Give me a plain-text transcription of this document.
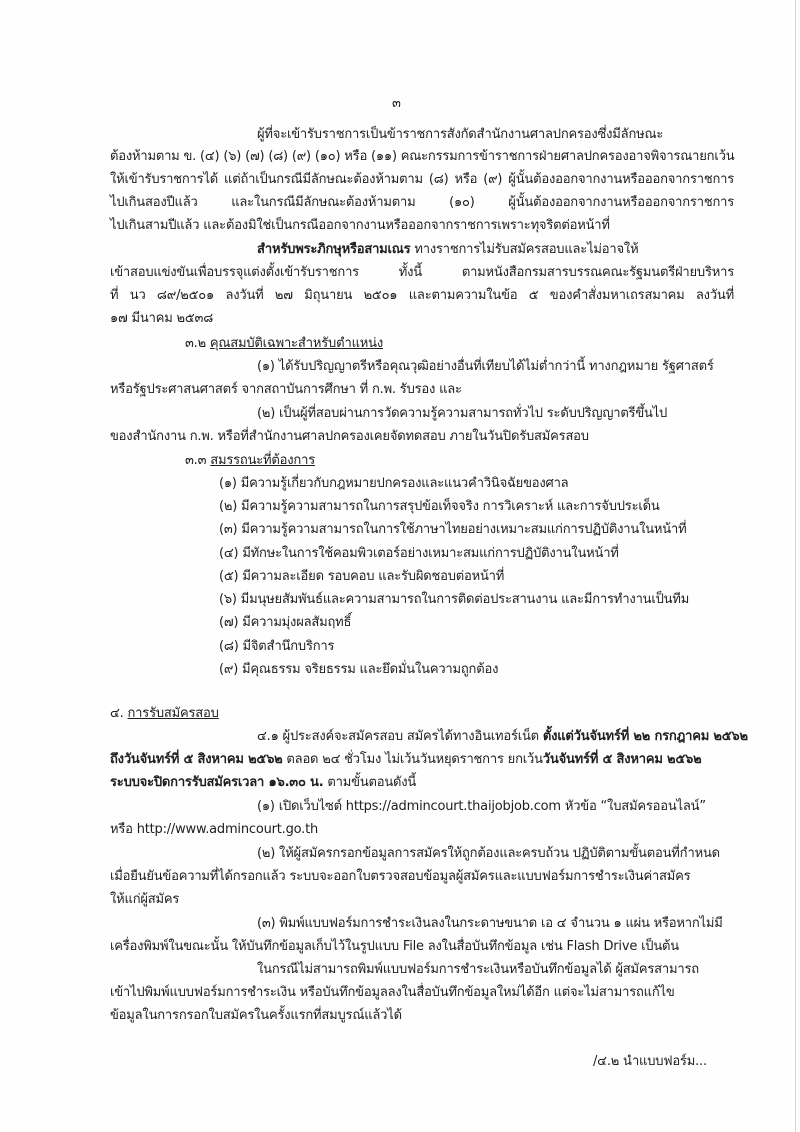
๓
ผู้ที่จะเข้ารับราชการเป็นข้าราชการสังกัดสำนักงานศาลปกครองซึ่งมีลักษณะ
ต้องห้ามตาม ข. (๔) (๖) (๗) (๘) (๙) (๑๐) หรือ (๑๑) คณะกรรมการข้าราชการฝ่ายศาลปกครองอาจพิจารณายกเว้น
ให้เข้ารับราชการได้ แต่ถ้าเป็นกรณีมีลักษณะต้องห้ามตาม (๘) หรือ (๙) ผู้นั้นต้องออกจากงานหรือออกจากราชการ
ไปเกินสองปีแล้ว และในกรณีมีลักษณะต้องห้ามตาม (๑๐) ผู้นั้นต้องออกจากงานหรือออกจากราชการ
ไปเกินสามปีแล้ว และต้องมิใช่เป็นกรณีออกจากงานหรือออกจากราชการเพราะทุจริตต่อหน้าที่
สำหรับพระภิกษุหรือสามเณร ทางราชการไม่รับสมัครสอบและไม่อาจให้
เข้าสอบแข่งขันเพื่อบรรจุแต่งตั้งเข้ารับราชการ ทั้งนี้ ตามหนังสือกรมสารบรรณคณะรัฐมนตรีฝ่ายบริหาร
ที่ นว ๘๙/๒๕๐๑ ลงวันที่ ๒๗ มิถุนายน ๒๕๐๑ และตามความในข้อ ๕ ของคำสั่งมหาเถรสมาคม ลงวันที่
๑๗ มีนาคม ๒๕๓๘
๓.๒ คุณสมบัติเฉพาะสำหรับตำแหน่ง
(๑) ได้รับปริญญาตรีหรือคุณวุฒิอย่างอื่นที่เทียบได้ไม่ต่ำกว่านี้ ทางกฎหมาย รัฐศาสตร์
หรือรัฐประศาสนศาสตร์ จากสถาบันการศึกษา ที่ ก.พ. รับรอง และ
(๒) เป็นผู้ที่สอบผ่านการวัดความรู้ความสามารถทั่วไป ระดับปริญญาตรีขึ้นไป
ของสำนักงาน ก.พ. หรือที่สำนักงานศาลปกครองเคยจัดทดสอบ ภายในวันปิดรับสมัครสอบ
๓.๓ สมรรถนะที่ต้องการ
(๑) มีความรู้เกี่ยวกับกฎหมายปกครองและแนวคำวินิจฉัยของศาล
(๒) มีความรู้ความสามารถในการสรุปข้อเท็จจริง การวิเคราะห์ และการจับประเด็น
(๓) มีความรู้ความสามารถในการใช้ภาษาไทยอย่างเหมาะสมแก่การปฏิบัติงานในหน้าที่
(๔) มีทักษะในการใช้คอมพิวเตอร์อย่างเหมาะสมแก่การปฏิบัติงานในหน้าที่
(๕) มีความละเอียด รอบคอบ และรับผิดชอบต่อหน้าที่
(๖) มีมนุษยสัมพันธ์และความสามารถในการติดต่อประสานงาน และมีการทำงานเป็นทีม
(๗) มีความมุ่งผลสัมฤทธิ์
(๘) มีจิตสำนึกบริการ
(๙) มีคุณธรรม จริยธรรม และยึดมั่นในความถูกต้อง
๔. การรับสมัครสอบ
๔.๑ ผู้ประสงค์จะสมัครสอบ สมัครได้ทางอินเทอร์เน็ต ตั้งแต่วันจันทร์ที่ ๒๒ กรกฎาคม ๒๕๖๒
ถึงวันจันทร์ที่ ๕ สิงหาคม ๒๕๖๒ ตลอด ๒๔ ชั่วโมง ไม่เว้นวันหยุดราชการ ยกเว้นวันจันทร์ที่ ๕ สิงหาคม ๒๕๖๒
ระบบจะปิดการรับสมัครเวลา ๑๖.๓๐ น. ตามขั้นตอนดังนี้
(๑) เปิดเว็บไซต์ https://admincourt.thaijobjob.com หัวข้อ “ใบสมัครออนไลน์”
หรือ http://www.admincourt.go.th
(๒) ให้ผู้สมัครกรอกข้อมูลการสมัครให้ถูกต้องและครบถ้วน ปฏิบัติตามขั้นตอนที่กำหนด
เมื่อยืนยันข้อความที่ได้กรอกแล้ว ระบบจะออกใบตรวจสอบข้อมูลผู้สมัครและแบบฟอร์มการชำระเงินค่าสมัคร
ให้แก่ผู้สมัคร
(๓) พิมพ์แบบฟอร์มการชำระเงินลงในกระดาษขนาด เอ ๔ จำนวน ๑ แผ่น หรือหากไม่มี
เครื่องพิมพ์ในขณะนั้น ให้บันทึกข้อมูลเก็บไว้ในรูปแบบ File ลงในสื่อบันทึกข้อมูล เช่น Flash Drive เป็นต้น
ในกรณีไม่สามารถพิมพ์แบบฟอร์มการชำระเงินหรือบันทึกข้อมูลได้ ผู้สมัครสามารถ
เข้าไปพิมพ์แบบฟอร์มการชำระเงิน หรือบันทึกข้อมูลลงในสื่อบันทึกข้อมูลใหม่ได้อีก แต่จะไม่สามารถแก้ไข
ข้อมูลในการกรอกใบสมัครในครั้งแรกที่สมบูรณ์แล้วได้
/๔.๒ นำแบบฟอร์ม...
